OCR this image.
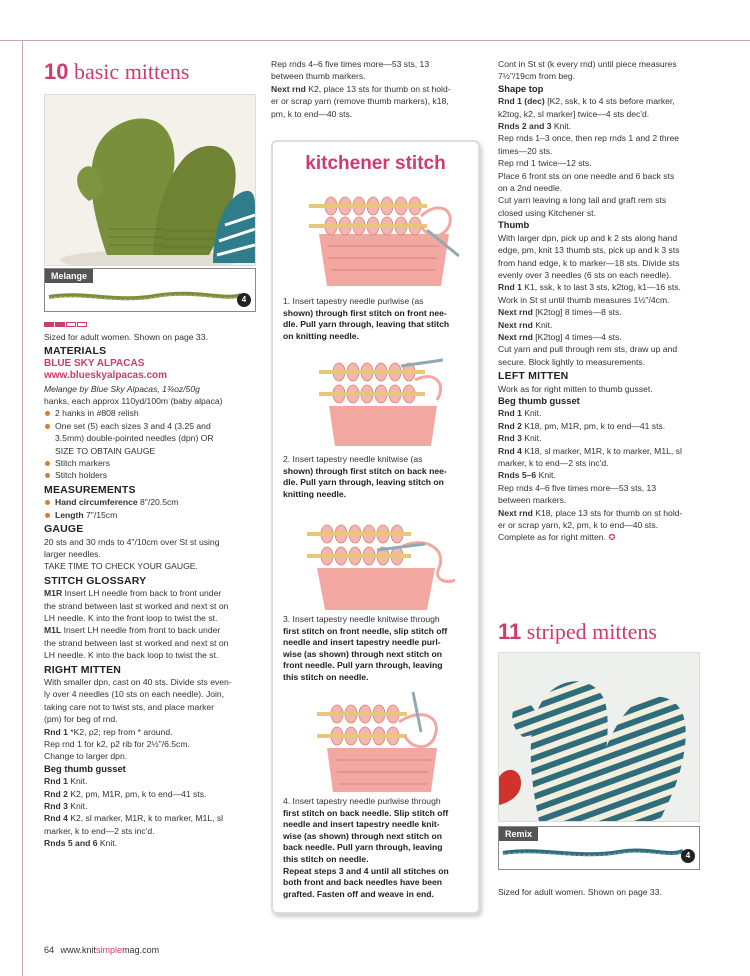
10 basic mittens
Melange
4

Sized for adult women. Shown on page 33.

MATERIALS

BLUE SKY ALPACAS

www.blueskyalpacas.com

Melange by Blue Sky Alpacas, 1¾oz/50g

hanks, each approx 110yd/100m (baby alpaca)

2 hanks in #808 relish
One set (5) each sizes 3 and 4 (3.25 and
3.5mm) double-pointed needles (dpn) OR
SIZE TO OBTAIN GAUGE
Stitch markers
Stitch holders

MEASUREMENTS

Hand circumference 8"/20.5cm
Length 7"/15cm

GAUGE

20 sts and 30 rnds to 4"/10cm over St st using

larger needles.

TAKE TIME TO CHECK YOUR GAUGE.

STITCH GLOSSARY

M1R Insert LH needle from back to front under

the strand between last st worked and next st on

LH needle. K into the front loop to twist the st.

M1L Insert LH needle from front to back under

the strand between last st worked and next st on

LH needle. K into the back loop to twist the st.

RIGHT MITTEN

With smaller dpn, cast on 40 sts. Divide sts even-

ly over 4 needles (10 sts on each needle). Join,

taking care not to twist sts, and place marker

(pm) for beg of rnd.

Rnd 1 *K2, p2; rep from * around.

Rep rnd 1 for k2, p2 rib for 2½"/6.5cm.

Change to larger dpn.

Beg thumb gusset

Rnd 1 Knit.

Rnd 2 K2, pm, M1R, pm, k to end—41 sts.

Rnd 3 Knit.

Rnd 4 K2, sl marker, M1R, k to marker, M1L, sl

marker, k to end—2 sts inc'd.

Rnds 5 and 6 Knit.

Rep rnds 4–6 five times more—53 sts, 13

between thumb markers.

Next rnd K2, place 13 sts for thumb on st hold-

er or scrap yarn (remove thumb markers), k18,

pm, k to end—40 sts.

kitchener stitch

1. Insert tapestry needle purlwise (as

shown) through first stitch on front nee-

dle. Pull yarn through, leaving that stitch

on knitting needle.

2. Insert tapestry needle knitwise (as

shown) through first stitch on back nee-

dle. Pull yarn through, leaving stitch on

knitting needle.

3. Insert tapestry needle knitwise through

first stitch on front needle, slip stitch off

needle and insert tapestry needle purl-

wise (as shown) through next stitch on

front needle. Pull yarn through, leaving

this stitch on needle.

4. Insert tapestry needle purlwise through

first stitch on back needle. Slip stitch off

needle and insert tapestry needle knit-

wise (as shown) through next stitch on

back needle. Pull yarn through, leaving

this stitch on needle.

Repeat steps 3 and 4 until all stitches on

both front and back needles have been

grafted. Fasten off and weave in end.

Cont in St st (k every rnd) until piece measures

7½"/19cm from beg.

Shape top

Rnd 1 (dec) [K2, ssk, k to 4 sts before marker,

k2tog, k2, sl marker] twice—4 sts dec'd.

Rnds 2 and 3 Knit.

Rep rnds 1–3 once, then rep rnds 1 and 2 three

times—20 sts.

Rep rnd 1 twice—12 sts.

Place 6 front sts on one needle and 6 back sts

on a 2nd needle.

Cut yarn leaving a long tail and graft rem sts

closed using Kitchener st.

Thumb

With larger dpn, pick up and k 2 sts along hand

edge, pm, knit 13 thumb sts, pick up and k 3 sts

from hand edge, k to marker—18 sts. Divide sts

evenly over 3 needles (6 sts on each needle).

Rnd 1 K1, ssk, k to last 3 sts, k2tog, k1—16 sts.

Work in St st until thumb measures 1½"/4cm.

Next rnd [K2tog] 8 times—8 sts.

Next rnd Knit.

Next rnd [K2tog] 4 times—4 sts.

Cut yarn and pull through rem sts, draw up and

secure. Block lightly to measurements.

LEFT MITTEN

Work as for right mitten to thumb gusset.

Beg thumb gusset

Rnd 1 Knit.

Rnd 2 K18, pm, M1R, pm, k to end—41 sts.

Rnd 3 Knit.

Rnd 4 K18, sl marker, M1R, k to marker, M1L, sl

marker, k to end—2 sts inc'd.

Rnds 5–6 Knit.

Rep rnds 4–6 five times more—53 sts, 13

between markers.

Next rnd K18, place 13 sts for thumb on st hold-

er or scrap yarn, k2, pm, k to end—40 sts.

Complete as for right mitten. ✪

11 striped mittens
Remix
4

Sized for adult women. Shown on page 33.

64 www.knitsimplemag.com
